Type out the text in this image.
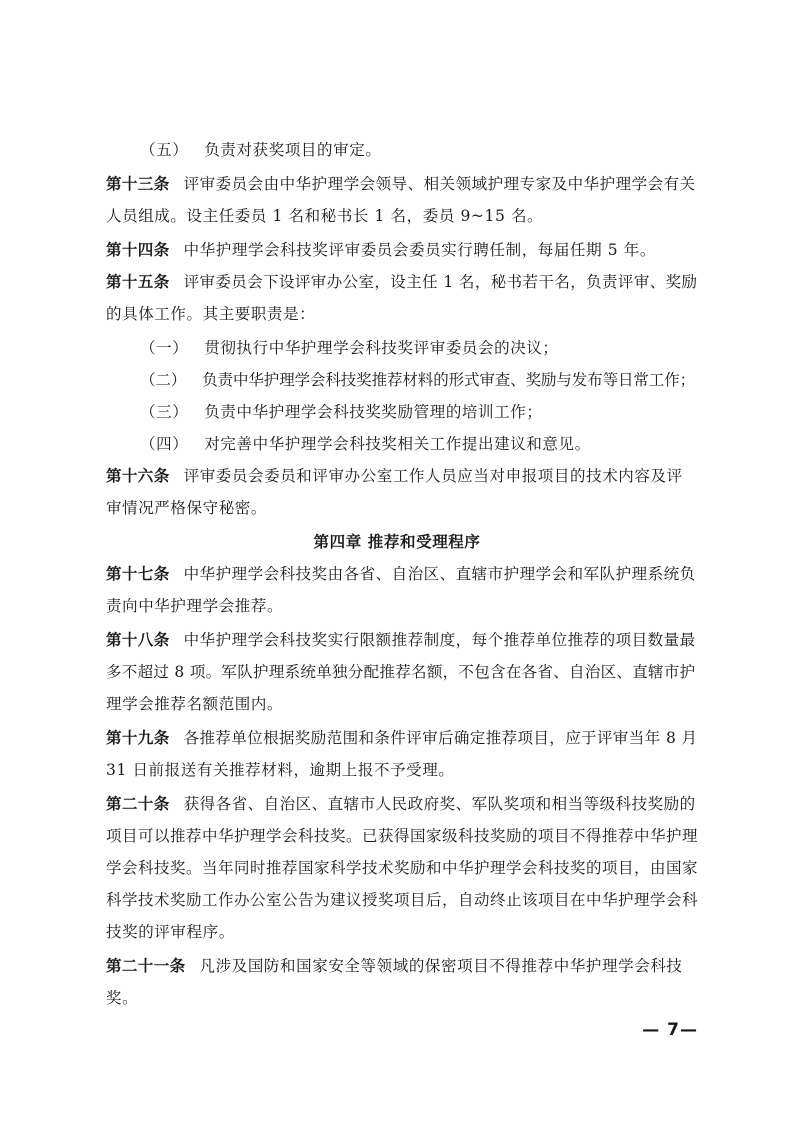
（五） 负责对获奖项目的审定。
第十三条 评审委员会由中华护理学会领导、相关领域护理专家及中华护理学会有关
人员组成。设主任委员 1 名和秘书长 1 名，委员 9~15 名。
第十四条 中华护理学会科技奖评审委员会委员实行聘任制，每届任期 5 年。
第十五条 评审委员会下设评审办公室，设主任 1 名，秘书若干名，负责评审、奖励
的具体工作。其主要职责是：
（一） 贯彻执行中华护理学会科技奖评审委员会的决议；
（二） 负责中华护理学会科技奖推荐材料的形式审查、奖励与发布等日常工作；
（三） 负责中华护理学会科技奖奖励管理的培训工作；
（四） 对完善中华护理学会科技奖相关工作提出建议和意见。
第十六条 评审委员会委员和评审办公室工作人员应当对申报项目的技术内容及评
审情况严格保守秘密。
第四章 推荐和受理程序
第十七条 中华护理学会科技奖由各省、自治区、直辖市护理学会和军队护理系统负
责向中华护理学会推荐。
第十八条 中华护理学会科技奖实行限额推荐制度，每个推荐单位推荐的项目数量最
多不超过 8 项。军队护理系统单独分配推荐名额，不包含在各省、自治区、直辖市护
理学会推荐名额范围内。
第十九条 各推荐单位根据奖励范围和条件评审后确定推荐项目，应于评审当年 8 月
31 日前报送有关推荐材料，逾期上报不予受理。
第二十条 获得各省、自治区、直辖市人民政府奖、军队奖项和相当等级科技奖励的
项目可以推荐中华护理学会科技奖。已获得国家级科技奖励的项目不得推荐中华护理
学会科技奖。当年同时推荐国家科学技术奖励和中华护理学会科技奖的项目，由国家
科学技术奖励工作办公室公告为建议授奖项目后，自动终止该项目在中华护理学会科
技奖的评审程序。
第二十一条 凡涉及国防和国家安全等领域的保密项目不得推荐中华护理学会科技
奖。
— 7—
